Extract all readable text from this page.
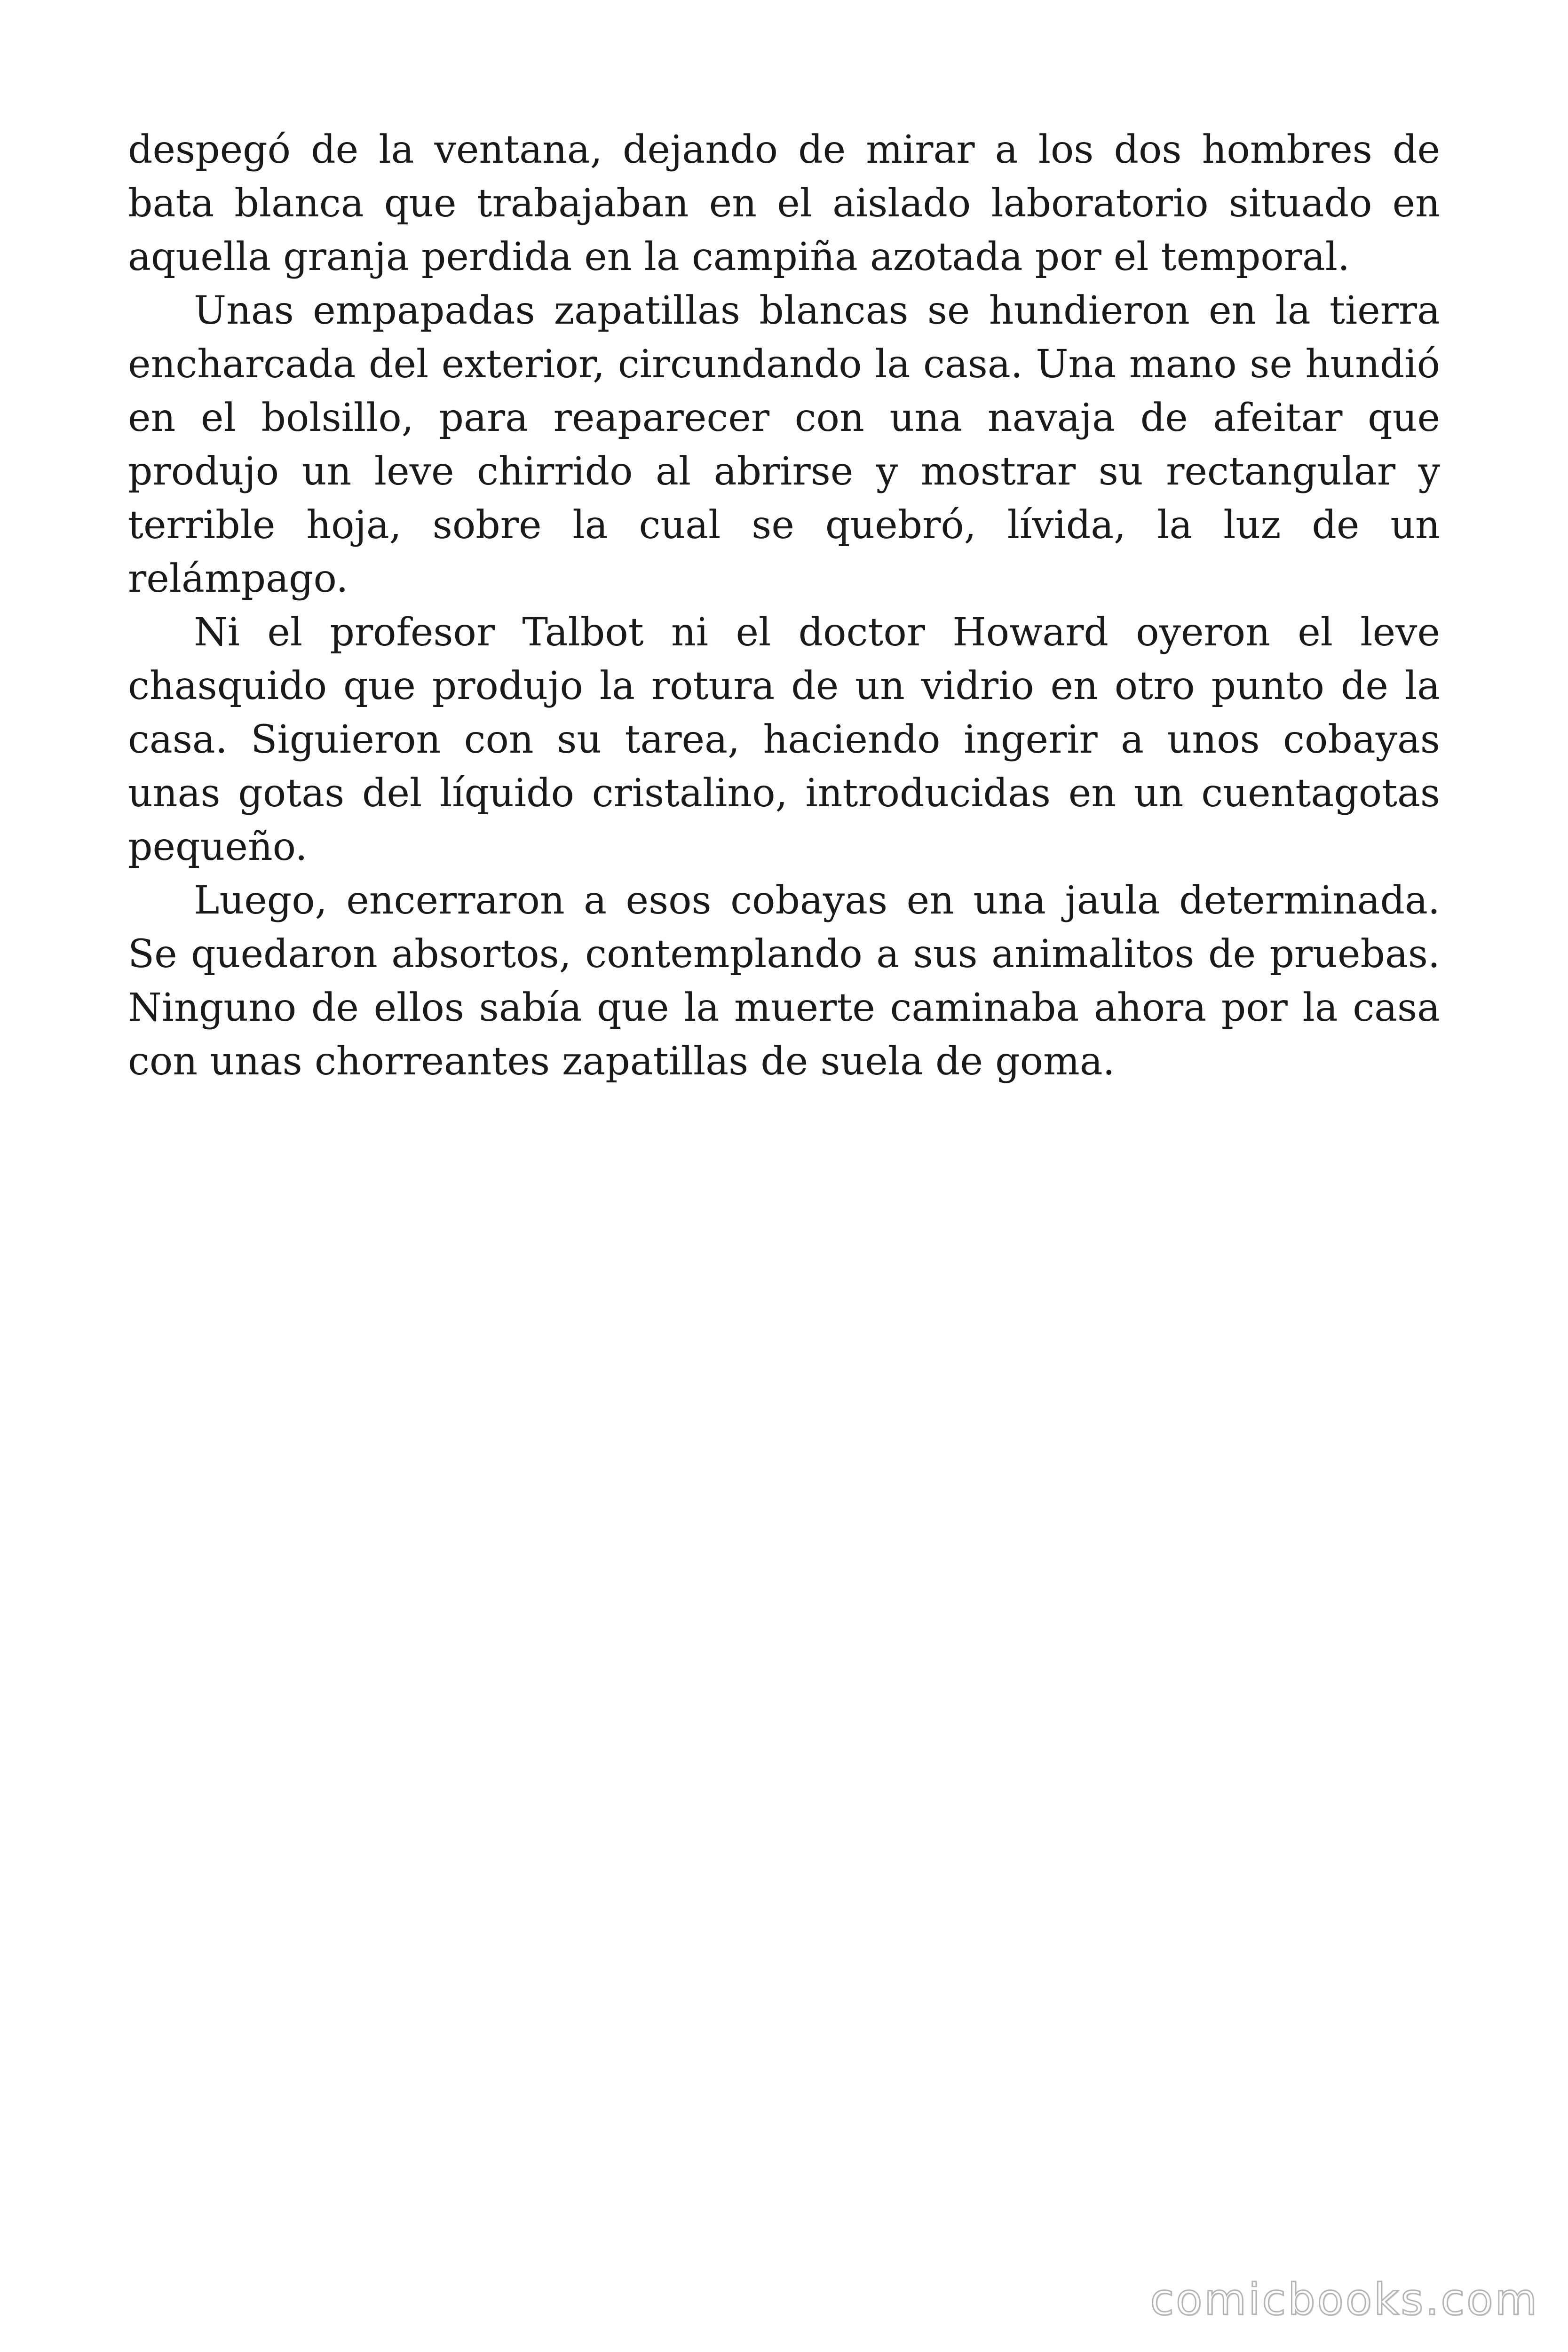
despegó de la ventana, dejando de mirar a los dos hombres de bata blanca que trabajaban en el aislado laboratorio situado en aquella granja perdida en la campiña azotada por el temporal.

Unas empapadas zapatillas blancas se hundieron en la tierra encharcada del exterior, circundando la casa. Una mano se hundió en el bolsillo, para reaparecer con una navaja de afeitar que produjo un leve chirrido al abrirse y mostrar su rectangular y terrible hoja, sobre la cual se quebró, lívida, la luz de un relámpago.

Ni el profesor Talbot ni el doctor Howard oyeron el leve chasquido que produjo la rotura de un vidrio en otro punto de la casa. Siguieron con su tarea, haciendo ingerir a unos cobayas unas gotas del líquido cristalino, introducidas en un cuentagotas pequeño.

Luego, encerraron a esos cobayas en una jaula determinada. Se quedaron absortos, contemplando a sus animalitos de pruebas. Ninguno de ellos sabía que la muerte caminaba ahora por la casa con unas chorreantes zapatillas de suela de goma.

comicbooks.com
